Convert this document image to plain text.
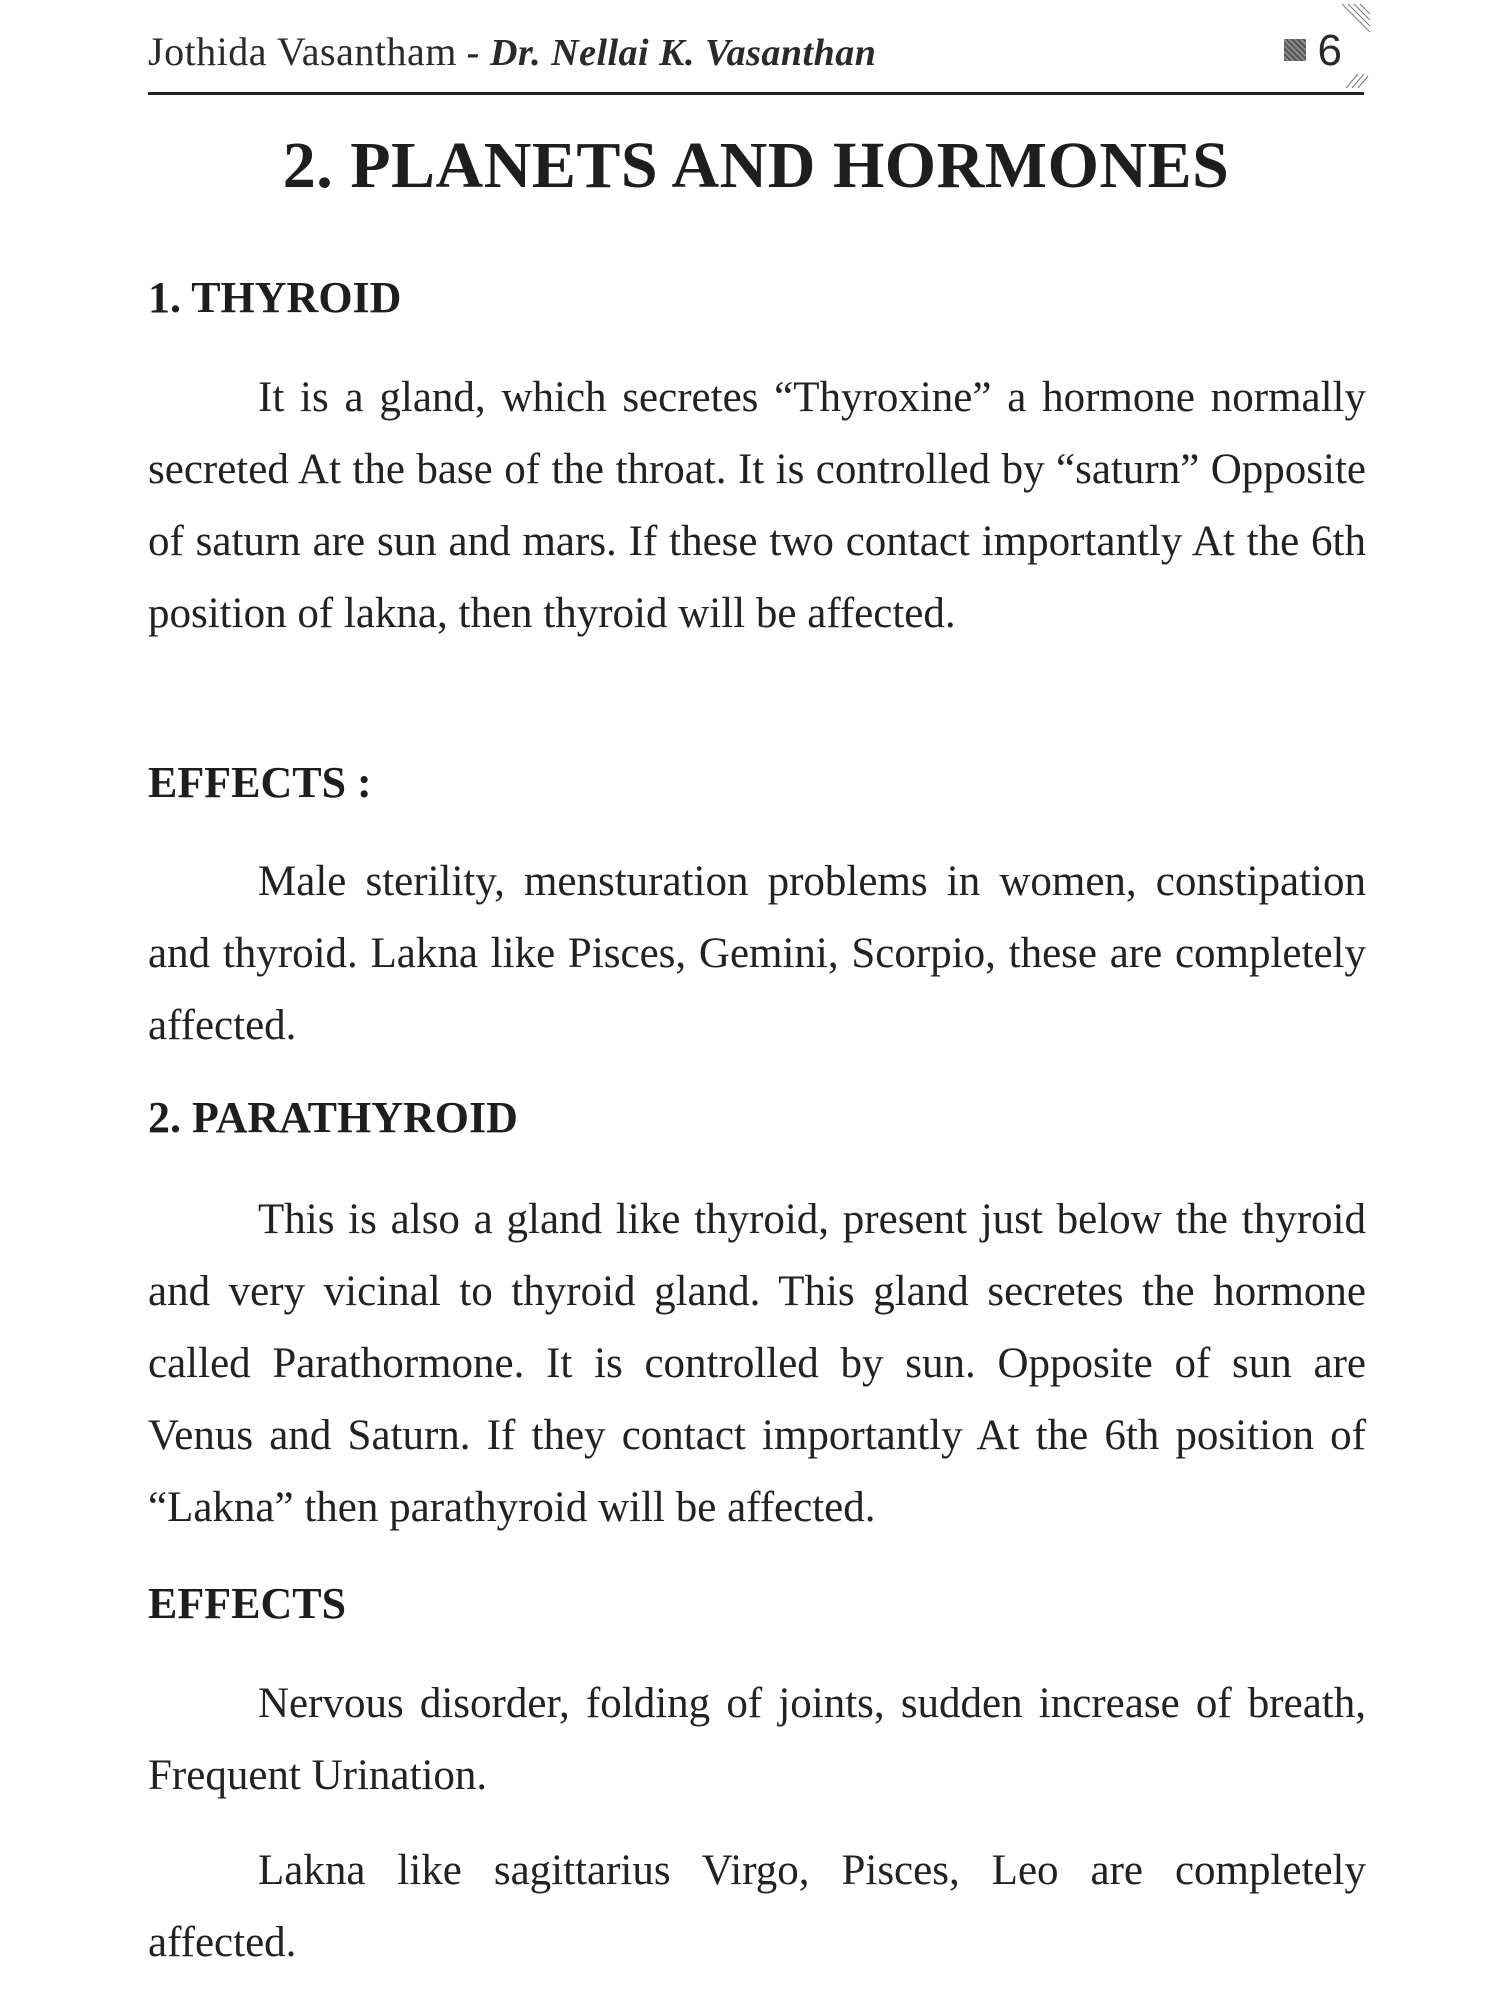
Jothida Vasantham - Dr. Nellai K. Vasanthan	6
2. PLANETS AND HORMONES
1. THYROID

It is a gland, which secretes “Thyroxine” a hormone normally secreted At the base of the throat. It is controlled by “saturn” Opposite of saturn are sun and mars. If these two contact importantly At the 6th position of lakna, then thyroid will be affected.

EFFECTS :

Male sterility, mensturation problems in women, constipation and thyroid. Lakna like Pisces, Gemini, Scorpio, these are completely affected.

2. PARATHYROID

This is also a gland like thyroid, present just below the thyroid and very vicinal to thyroid gland. This gland secretes the hormone called Parathormone. It is controlled by sun. Opposite of sun are Venus and Saturn. If they contact importantly At the 6th position of “Lakna” then parathyroid will be affected.

EFFECTS

Nervous disorder, folding of joints, sudden increase of breath, Frequent Urination.

Lakna like sagittarius Virgo, Pisces, Leo are completely affected.
